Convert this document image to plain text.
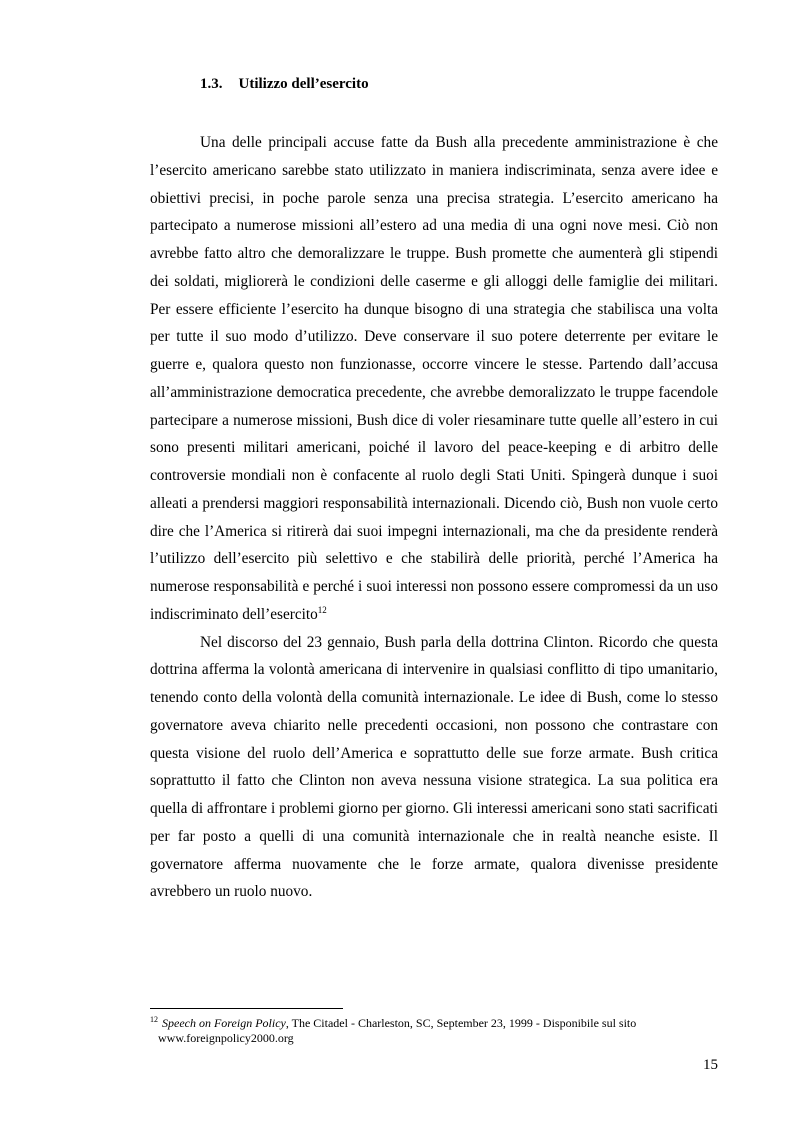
1.3. Utilizzo dell’esercito

Una delle principali accuse fatte da Bush alla precedente amministrazione è che l’esercito americano sarebbe stato utilizzato in maniera indiscriminata, senza avere idee e obiettivi precisi, in poche parole senza una precisa strategia. L’esercito americano ha partecipato a numerose missioni all’estero ad una media di una ogni nove mesi. Ciò non avrebbe fatto altro che demoralizzare le truppe. Bush promette che aumenterà gli stipendi dei soldati, migliorerà le condizioni delle caserme e gli alloggi delle famiglie dei militari. Per essere efficiente l’esercito ha dunque bisogno di una strategia che stabilisca una volta per tutte il suo modo d’utilizzo. Deve conservare il suo potere deterrente per evitare le guerre e, qualora questo non funzionasse, occorre vincere le stesse. Partendo dall’accusa all’amministrazione democratica precedente, che avrebbe demoralizzato le truppe facendole partecipare a numerose missioni, Bush dice di voler riesaminare tutte quelle all’estero in cui sono presenti militari americani, poiché il lavoro del peace-keeping e di arbitro delle controversie mondiali non è confacente al ruolo degli Stati Uniti. Spingerà dunque i suoi alleati a prendersi maggiori responsabilità internazionali. Dicendo ciò, Bush non vuole certo dire che l’America si ritirerà dai suoi impegni internazionali, ma che da presidente renderà l’utilizzo dell’esercito più selettivo e che stabilirà delle priorità, perché l’America ha numerose responsabilità e perché i suoi interessi non possono essere compromessi da un uso indiscriminato dell’esercito$^{12}$

Nel discorso del 23 gennaio, Bush parla della dottrina Clinton. Ricordo che questa dottrina afferma la volontà americana di intervenire in qualsiasi conflitto di tipo umanitario, tenendo conto della volontà della comunità internazionale. Le idee di Bush, come lo stesso governatore aveva chiarito nelle precedenti occasioni, non possono che contrastare con questa visione del ruolo dell’America e soprattutto delle sue forze armate. Bush critica soprattutto il fatto che Clinton non aveva nessuna visione strategica. La sua politica era quella di affrontare i problemi giorno per giorno. Gli interessi americani sono stati sacrificati per far posto a quelli di una comunità internazionale che in realtà neanche esiste. Il governatore afferma nuovamente che le forze armate, qualora divenisse presidente avrebbero un ruolo nuovo.

$^{12}$ Speech on Foreign Policy, The Citadel - Charleston, SC, September 23, 1999 - Disponibile sul sito
www.foreignpolicy2000.org
15
